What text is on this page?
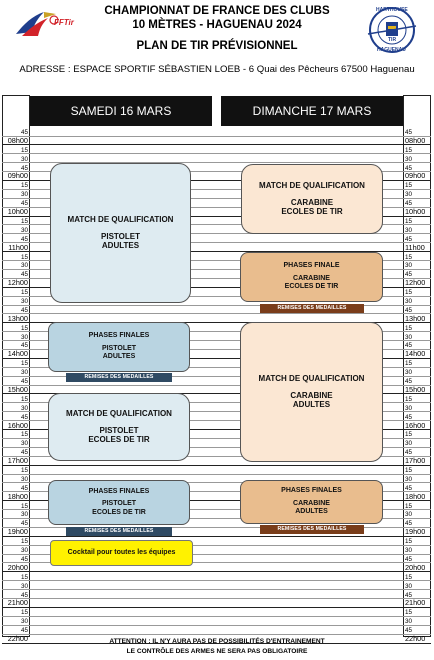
FFTir
HARTHOUSE
TIR
HAGUENAU
CHAMPIONNAT DE FRANCE DES CLUBS
10 MÈTRES - HAGUENAU 2024
PLAN DE TIR PRÉVISIONNEL
ADRESSE : ESPACE SPORTIF SÉBASTIEN LOEB - 6 Quai des Pêcheurs 67500 Haguenau
SAMEDI 16 MARS	DIMANCHE 17 MARS
45	45
08h00	08h00
15	15
30	30
45	45
09h00	09h00
15	15
30	30
45	45
10h00	10h00
15	15
30	30
45	45
11h00	11h00
15	15
30	30
45	45
12h00	12h00
15	15
30	30
45	45
13h00	13h00
15	15
30	30
45	45
14h00	14h00
15	15
30	30
45	45
15h00	15h00
15	15
30	30
45	45
16h00	16h00
15	15
30	30
45	45
17h00	17h00
15	15
30	30
45	45
18h00	18h00
15	15
30	30
45	45
19h00	19h00
15	15
30	30
45	45
20h00	20h00
15	15
30	30
45	45
21h00	21h00
15	15
30	30
45	45
22h00	22h00
MATCH DE QUALIFICATION
PISTOLET
ADULTES
PHASES FINALES
PISTOLET
ADULTES
REMISES DES MEDAILLES
MATCH DE QUALIFICATION
PISTOLET
ECOLES DE TIR
PHASES FINALES
PISTOLET
ECOLES DE TIR
REMISES DES MEDAILLES
Cocktail pour toutes les équipes
MATCH DE QUALIFICATION
CARABINE
ECOLES DE TIR
PHASES FINALE
CARABINE
ECOLES DE TIR
REMISES DES MEDAILLES
MATCH DE QUALIFICATION
CARABINE
ADULTES
PHASES FINALES
CARABINE
ADULTES
REMISES DES MEDAILLES
ATTENTION : IL N'Y AURA PAS DE POSSIBILITÉS D'ENTRAINEMENT
LE CONTRÔLE DES ARMES NE SERA PAS OBLIGATOIRE
